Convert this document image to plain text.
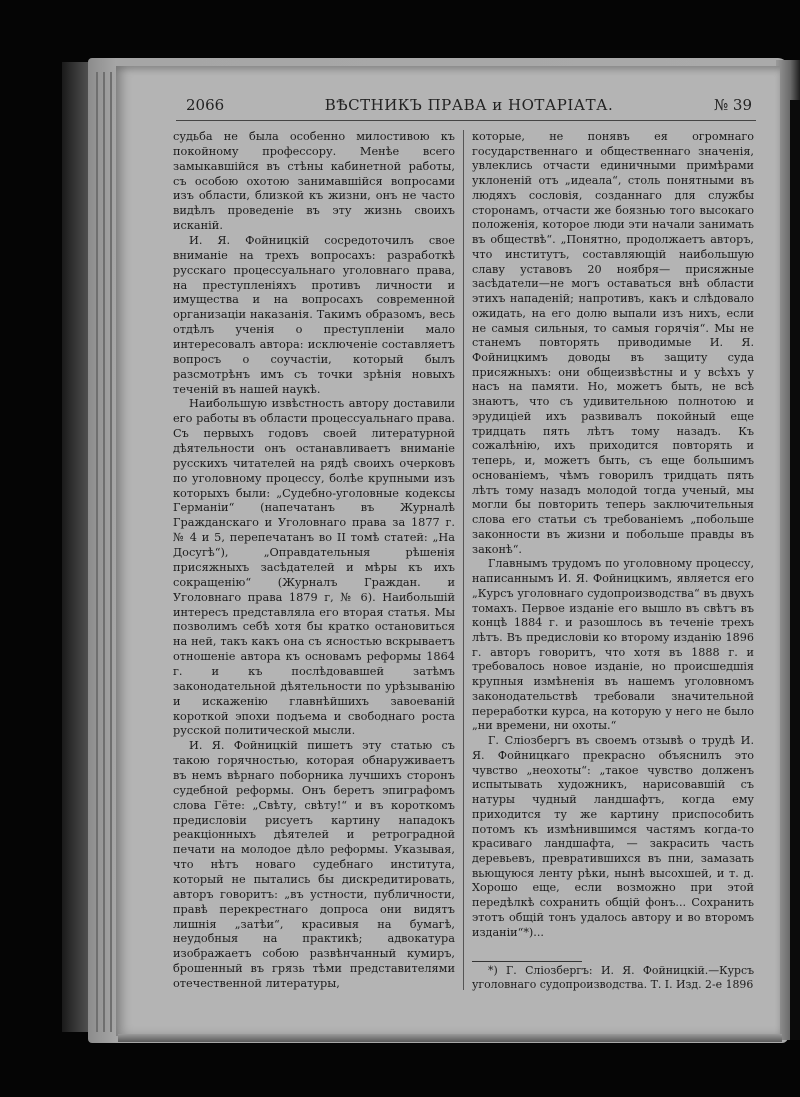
2066	ВѢСТНИКЪ ПРАВА и НОТАРІАТА.	№ 39

судьба не была особенно милостивою къ покойному профессору. Менѣе всего замыкавшійся въ стѣны кабинетной работы, съ особою охотою занимавшійся вопросами изъ области, близкой къ жизни, онъ не часто видѣлъ проведеніе въ эту жизнь своихъ исканій.

И. Я. Фойницкій сосредоточилъ свое вниманіе на трехъ вопросахъ: разработкѣ русскаго процессуальнаго уголовнаго права, на преступленіяхъ противъ личности и имущества и на вопросахъ современной организаціи наказанія. Такимъ образомъ, весь отдѣлъ ученія о преступленіи мало интересовалъ автора: исключеніе составляетъ вопросъ о соучастіи, который былъ разсмотрѣнъ имъ съ точки зрѣнія новыхъ теченій въ нашей наукѣ.

Наибольшую извѣстность автору доставили его работы въ области процессуальнаго права. Съ первыхъ годовъ своей литературной дѣятельности онъ останавливаетъ вниманіе русскихъ читателей на рядѣ своихъ очерковъ по уголовному процессу, болѣе крупными изъ которыхъ были: „Судебно-уголовные кодексы Германіи“ (напечатанъ въ Журналѣ Гражданскаго и Уголовнаго права за 1877 г. № 4 и 5, перепечатанъ во II томѣ статей: „На Досугѣ“), „Оправдательныя рѣшенія присяжныхъ засѣдателей и мѣры къ ихъ сокращенію“ (Журналъ Граждан. и Уголовнаго права 1879 г, № 6). Наибольшій интересъ представляла его вторая статья. Мы позволимъ себѣ хотя бы кратко остановиться на ней, такъ какъ она съ ясностью вскрываетъ отношеніе автора къ основамъ реформы 1864 г. и къ послѣдовавшей затѣмъ законодательной дѣятельности по урѣзыванію и искаженію главнѣйшихъ завоеваній короткой эпохи подъема и свободнаго роста русской политической мысли.

И. Я. Фойницкій пишетъ эту статью съ такою горячностью, которая обнаруживаетъ въ немъ вѣрнаго поборника лучшихъ сторонъ судебной реформы. Онъ беретъ эпиграфомъ слова Гёте: „Свѣту, свѣту!“ и въ короткомъ предисловіи рисуетъ картину нападокъ реакціонныхъ дѣятелей и ретроградной печати на молодое дѣло реформы. Указывая, что нѣтъ новаго судебнаго института, который не пытались бы дискредитировать, авторъ говоритъ: „въ устности, публичности, правѣ перекрестнаго допроса они видятъ лишнія „затѣи“, красивыя на бумагѣ, неудобныя на практикѣ; адвокатура изображаетъ собою развѣнчанный кумиръ, брошенный въ грязь тѣми представителями отечественной литературы,

которые, не понявъ ея огромнаго государственнаго и общественнаго значенія, увлеклись отчасти единичными примѣрами уклоненій отъ „идеала“, столь понятными въ людяхъ сословія, созданнаго для службы сторонамъ, отчасти же боязнью того высокаго положенія, которое люди эти начали занимать въ обществѣ“. „Понятно, продолжаетъ авторъ, что институтъ, составляющій наибольшую славу уставовъ 20 ноября— присяжные засѣдатели—не могъ оставаться внѣ области этихъ нападеній; напротивъ, какъ и слѣдовало ожидать, на его долю выпали изъ нихъ, если не самыя сильныя, то самыя горячія“. Мы не станемъ повторять приводимые И. Я. Фойницкимъ доводы въ защиту суда присяжныхъ: они общеизвѣстны и у всѣхъ у насъ на памяти. Но, можетъ быть, не всѣ знаютъ, что съ удивительною полнотою и эрудиціей ихъ развивалъ покойный еще тридцать пять лѣтъ тому назадъ. Къ сожалѣнію, ихъ приходится повторять и теперь, и, можетъ быть, съ еще большимъ основаніемъ, чѣмъ говорилъ тридцать пять лѣтъ тому назадъ молодой тогда ученый, мы могли бы повторить теперь заключительныя слова его статьи съ требованіемъ „побольше законности въ жизни и побольше правды въ законѣ“.

Главнымъ трудомъ по уголовному процессу, написаннымъ И. Я. Фойницкимъ, является его „Курсъ уголовнаго судопроизводства“ въ двухъ томахъ. Первое изданіе его вышло въ свѣтъ въ концѣ 1884 г. и разошлось въ теченіе трехъ лѣтъ. Въ предисловіи ко второму изданію 1896 г. авторъ говоритъ, что хотя въ 1888 г. и требовалось новое изданіе, но происшедшія крупныя измѣненія въ нашемъ уголовномъ законодательствѣ требовали значительной переработки курса, на которую у него не было „ни времени, ни охоты.“

Г. Сліозбергъ въ своемъ отзывѣ о трудѣ И. Я. Фойницкаго прекрасно объяснилъ это чувство „неохоты“: „такое чувство долженъ испытывать художникъ, нарисовавшій съ натуры чудный ландшафтъ, когда ему приходится ту же картину приспособить потомъ къ измѣнившимся частямъ когда-то красиваго ландшафта, — закрасить часть деревьевъ, превратившихся въ пни, замазать вьющуюся ленту рѣки, нынѣ высохшей, и т. д. Хорошо еще, если возможно при этой передѣлкѣ сохранить общій фонъ... Сохранить этотъ общій тонъ удалось автору и во второмъ изданіи“*)...

*) Г. Сліозбергъ: И. Я. Фойницкій.—Курсъ уголовнаго судопроизводства. Т. I. Изд. 2-е 1896
